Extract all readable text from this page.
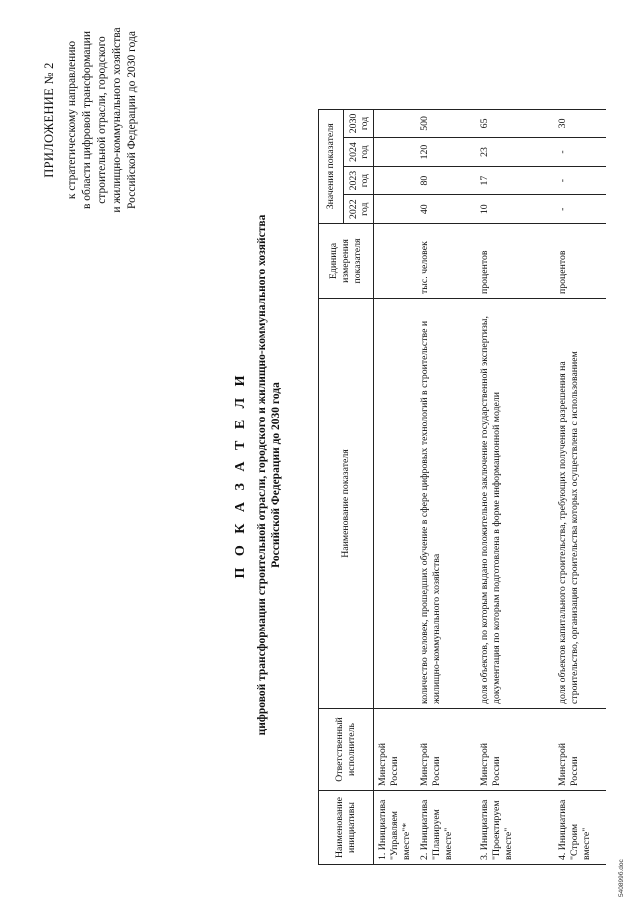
ПРИЛОЖЕНИЕ № 2 к стратегическому направлению в области цифровой трансформации строительной отрасли, городского и жилищно-коммунального хозяйства Российской Федерации до 2030 года
П О К А З А Т Е Л И цифровой трансформации строительной отрасли, городского и жилищно-коммунального хозяйства Российской Федерации до 2030 года
Наименование инициативы	Ответственный исполнитель	Наименование показателя	Единица измерения показателя	Значения показателя			
				2022 год	2023 год	2024 год	2030 год
1. Инициатива "Управляем вместе"*	Минстрой России						
2. Инициатива "Планируем вместе"	Минстрой России	количество человек, прошедших обучение в сфере цифровых технологий в строительстве и жилищно-коммунального хозяйства	тыс. человек	40	80	120	500
3. Инициатива "Проектируем вместе"	Минстрой России	доля объектов, по которым выдано положительное заключение государственной экспертизы, документация по которым подготовлена в форме информационной модели	процентов	10	17	23	65
4. Инициатива "Строим вместе"	Минстрой России	доля объектов капитального строительства, требующих получения разрешения на строительство, организация строительства которых осуществлена с использованием	процентов	-	-	-	30
540899б.doc
